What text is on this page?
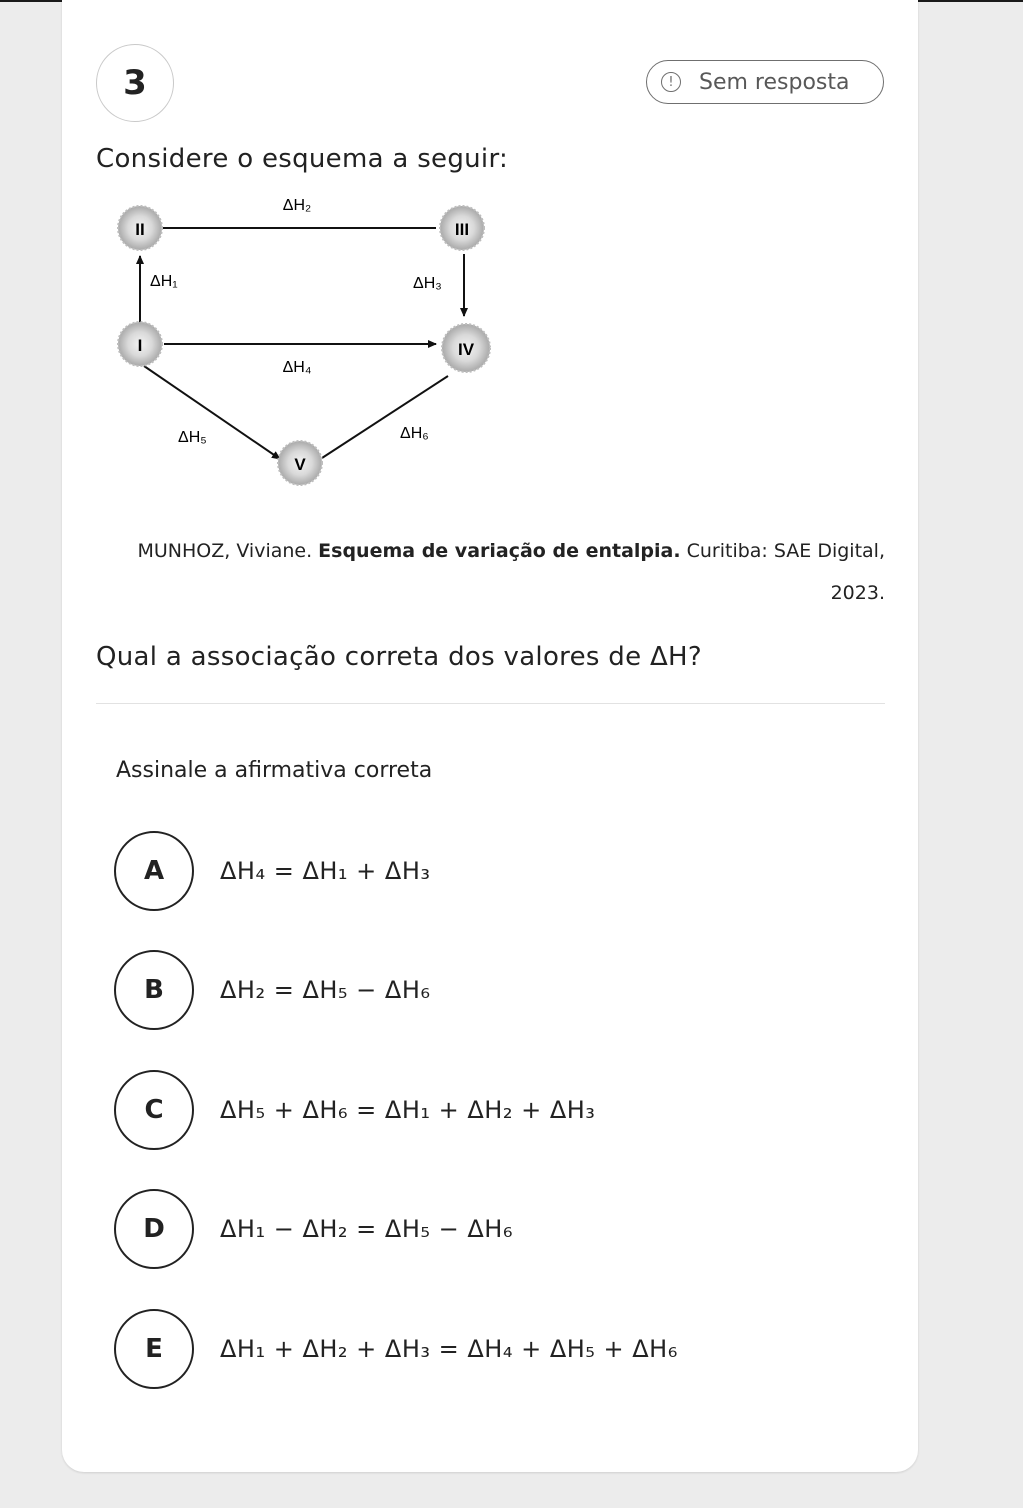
3	!	Sem resposta
Considere o esquema a seguir:
II	III
I	IV
V
ΔH₂
ΔH₁	ΔH₃
ΔH₄
ΔH₅	ΔH₆
MUNHOZ, Viviane. Esquema de variação de entalpia. Curitiba: SAE Digital, 2023.
Qual a associação correta dos valores de ΔH?
Assinale a afirmativa correta
A	ΔH₄ = ΔH₁ + ΔH₃
B	ΔH₂ = ΔH₅ − ΔH₆
C	ΔH₅ + ΔH₆ = ΔH₁ + ΔH₂ + ΔH₃
D	ΔH₁ − ΔH₂ = ΔH₅ − ΔH₆
E	ΔH₁ + ΔH₂ + ΔH₃ = ΔH₄ + ΔH₅ + ΔH₆
